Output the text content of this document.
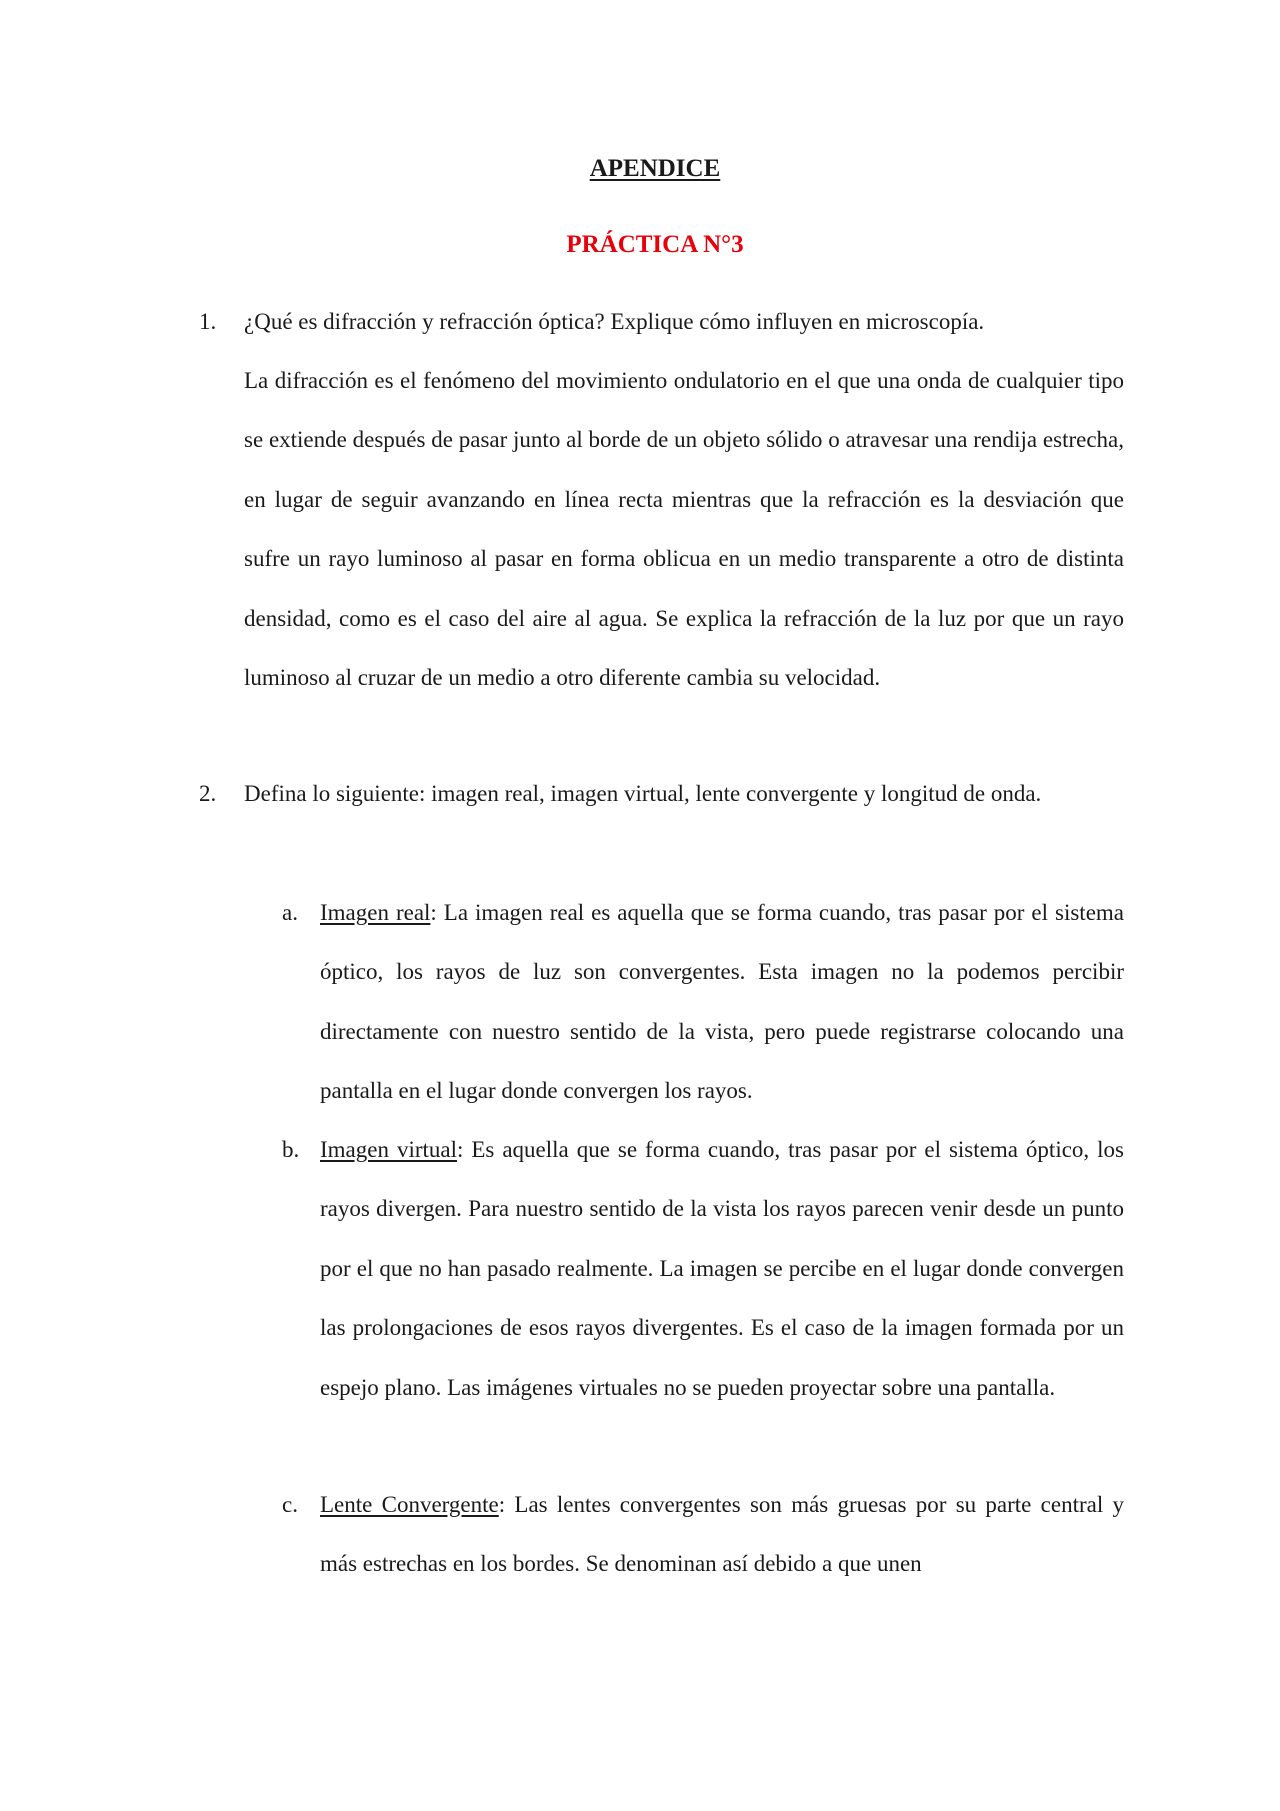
APENDICE
PRÁCTICA N°3
1. ¿Qué es difracción y refracción óptica? Explique cómo influyen en microscopía.

La difracción es el fenómeno del movimiento ondulatorio en el que una onda de cualquier tipo se extiende después de pasar junto al borde de un objeto sólido o atravesar una rendija estrecha, en lugar de seguir avanzando en línea recta mientras que la refracción es la desviación que sufre un rayo luminoso al pasar en forma oblicua en un medio transparente a otro de distinta densidad, como es el caso del aire al agua. Se explica la refracción de la luz por que un rayo luminoso al cruzar de un medio a otro diferente cambia su velocidad.

2. Defina lo siguiente: imagen real, imagen virtual, lente convergente y longitud de onda.

a. Imagen real: La imagen real es aquella que se forma cuando, tras pasar por el sistema óptico, los rayos de luz son convergentes. Esta imagen no la podemos percibir directamente con nuestro sentido de la vista, pero puede registrarse colocando una pantalla en el lugar donde convergen los rayos.

b. Imagen virtual: Es aquella que se forma cuando, tras pasar por el sistema óptico, los rayos divergen. Para nuestro sentido de la vista los rayos parecen venir desde un punto por el que no han pasado realmente. La imagen se percibe en el lugar donde convergen las prolongaciones de esos rayos divergentes. Es el caso de la imagen formada por un espejo plano. Las imágenes virtuales no se pueden proyectar sobre una pantalla.

c. Lente Convergente: Las lentes convergentes son más gruesas por su parte central y más estrechas en los bordes. Se denominan así debido a que unen
